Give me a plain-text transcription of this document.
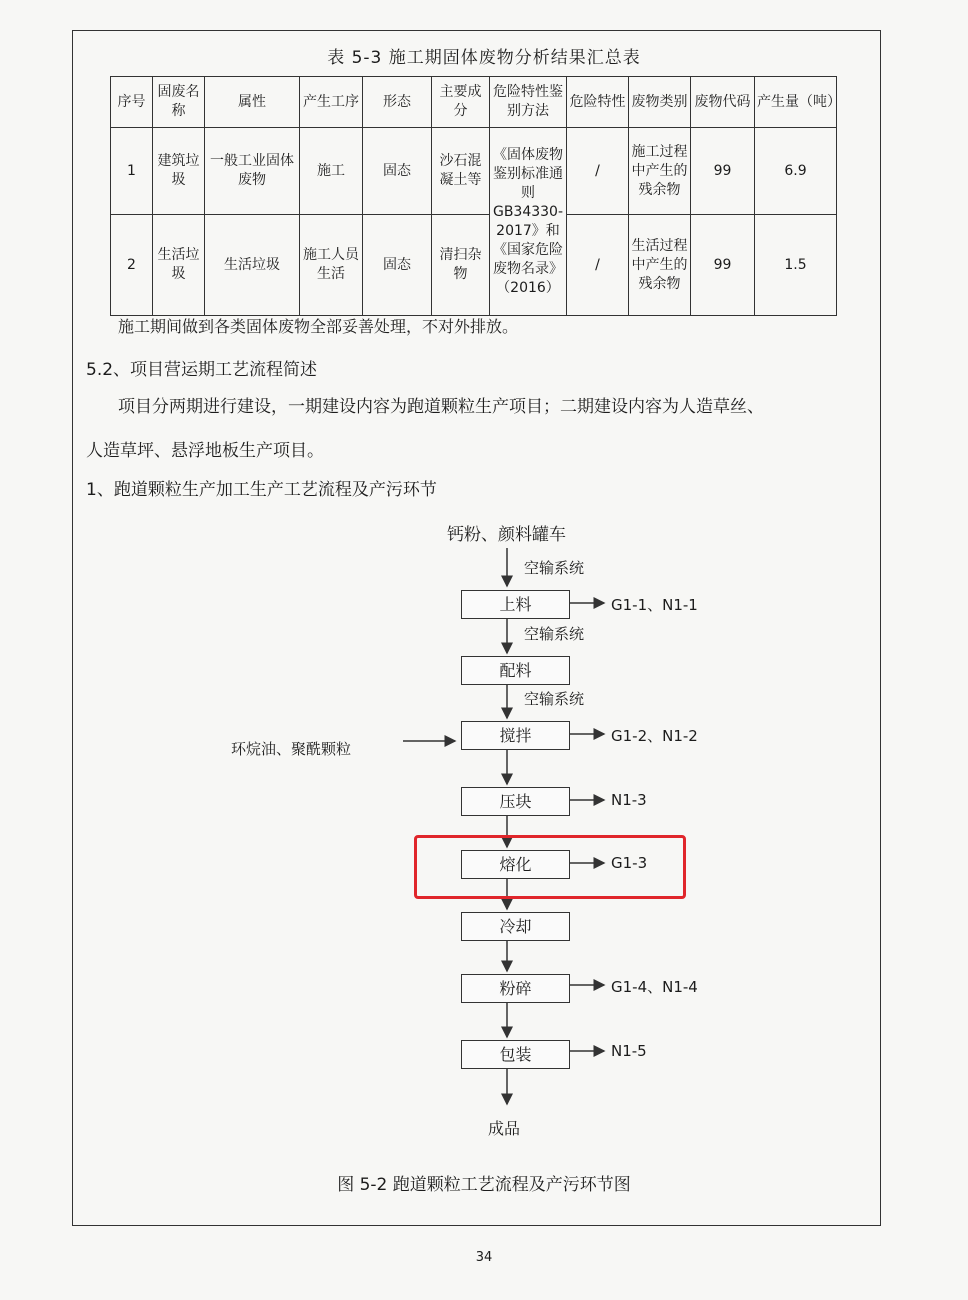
表 5-3 施工期固体废物分析结果汇总表
序号	固废名称	属性	产生工序	形态	主要成分	危险特性鉴别方法	危险特性	废物类别	废物代码	产生量（吨）
1	建筑垃圾	一般工业固体废物	施工	固态	沙石混凝土等	《固体废物鉴别标准通则GB34330-2017》和《国家危险废物名录》（2016）	/	施工过程中产生的残余物	99	6.9
2	生活垃圾	生活垃圾	施工人员生活	固态	清扫杂物		/	生活过程中产生的残余物	99	1.5
施工期间做到各类固体废物全部妥善处理，不对外排放。
5.2、项目营运期工艺流程简述
项目分两期进行建设，一期建设内容为跑道颗粒生产项目；二期建设内容为人造草丝、
人造草坪、悬浮地板生产项目。
1、跑道颗粒生产加工生产工艺流程及产污环节
钙粉、颜料罐车
空输系统
空输系统
空输系统
环烷油、聚酰颗粒
上料
配料
搅拌
压块
熔化
冷却
粉碎
包装
G1-1、N1-1
G1-2、N1-2
N1-3
G1-3
G1-4、N1-4
N1-5
成品
图 5-2 跑道颗粒工艺流程及产污环节图
34
